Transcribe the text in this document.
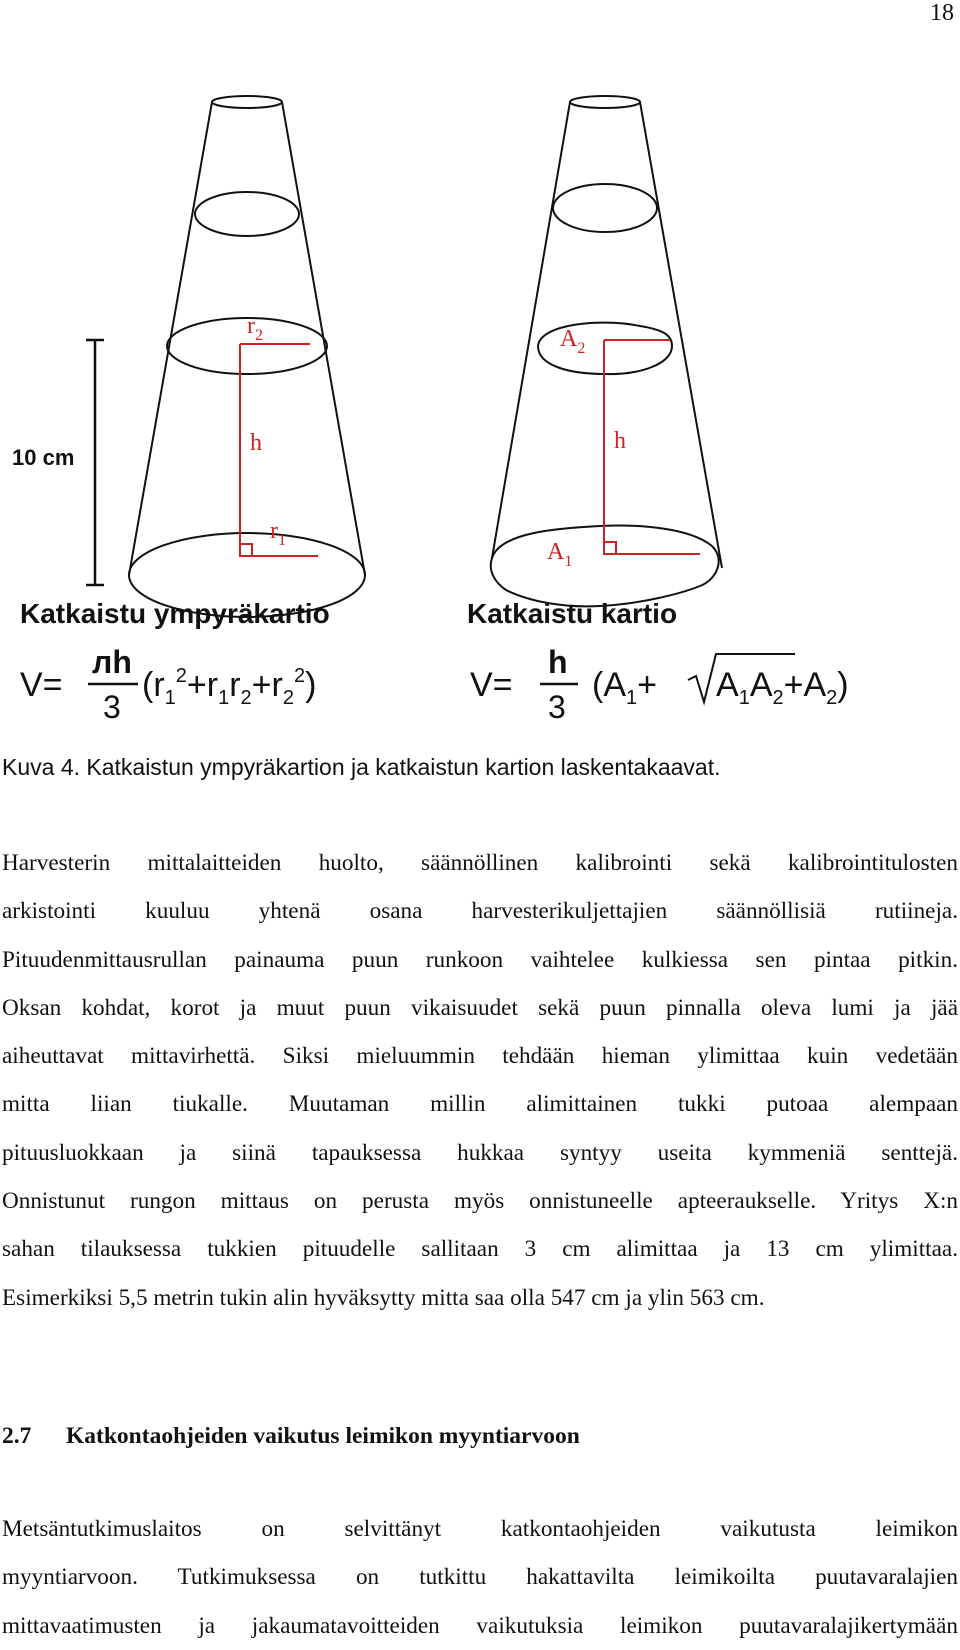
18
10 cm
$r_2$
h
$r_1$
Katkaistu ympyräkartio
V=
лh
3
$(r_1^2+r_1r_2+r_2^2)$
$A_2$
h
$A_1$
Katkaistu kartio
V=
h
3
$(A_1+ A_1A_2+A_2)$
Kuva 4. Katkaistun ympyräkartion ja katkaistun kartion laskentakaavat.
Harvesterin mittalaitteiden huolto, säännöllinen kalibrointi sekä kalibrointitulosten
arkistointi kuuluu yhtenä osana harvesterikuljettajien säännöllisiä rutiineja.
Pituudenmittausrullan painauma puun runkoon vaihtelee kulkiessa sen pintaa pitkin.
Oksan kohdat, korot ja muut puun vikaisuudet sekä puun pinnalla oleva lumi ja jää
aiheuttavat mittavirhettä. Siksi mieluummin tehdään hieman ylimittaa kuin vedetään
mitta liian tiukalle. Muutaman millin alimittainen tukki putoaa alempaan
pituusluokkaan ja siinä tapauksessa hukkaa syntyy useita kymmeniä senttejä.
Onnistunut rungon mittaus on perusta myös onnistuneelle apteeraukselle. Yritys X:n
sahan tilauksessa tukkien pituudelle sallitaan 3 cm alimittaa ja 13 cm ylimittaa.
Esimerkiksi 5,5 metrin tukin alin hyväksytty mitta saa olla 547 cm ja ylin 563 cm.
2.7 Katkontaohjeiden vaikutus leimikon myyntiarvoon
Metsäntutkimuslaitos on selvittänyt katkontaohjeiden vaikutusta leimikon
myyntiarvoon. Tutkimuksessa on tutkittu hakattavilta leimikoilta puutavaralajien
mittavaatimusten ja jakaumatavoitteiden vaikutuksia leimikon puutavaralajikertymään
